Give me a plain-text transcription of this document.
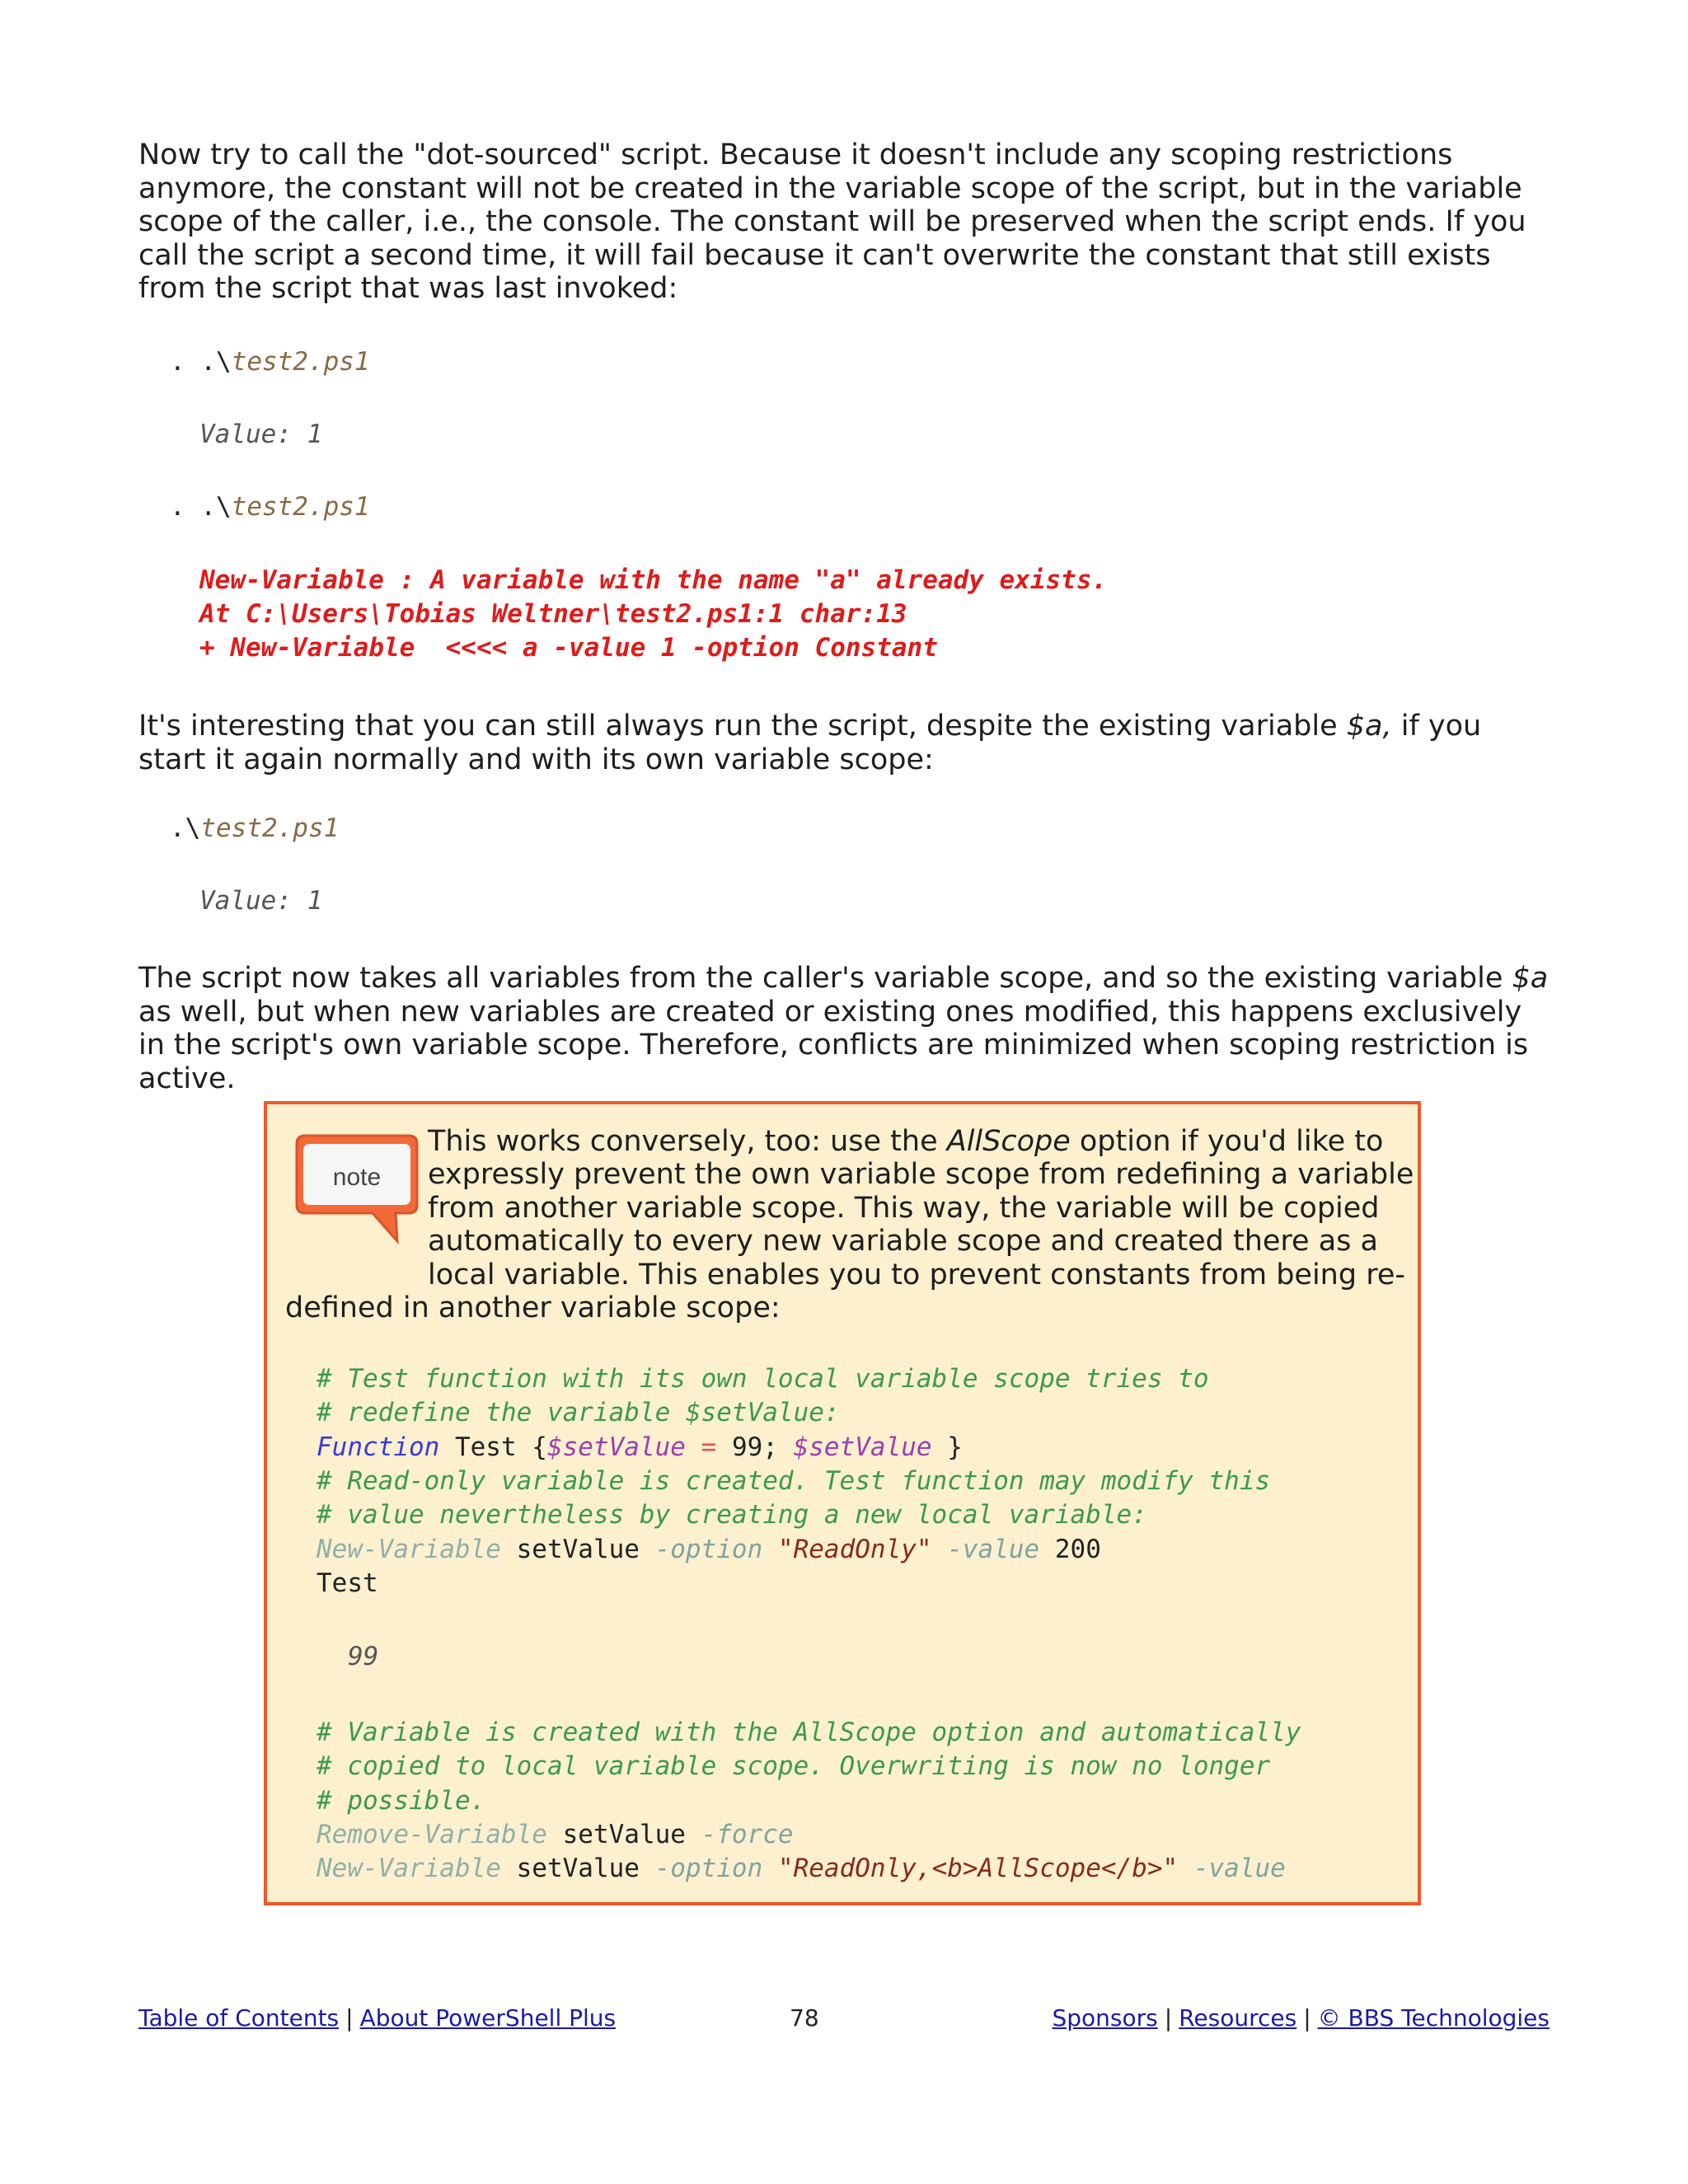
Now try to call the "dot-sourced" script. Because it doesn't include any scoping restrictions anymore, the constant will not be created in the variable scope of the script, but in the variable scope of the caller, i.e., the console. The constant will be preserved when the script ends. If you call the script a second time, it will fail because it can't overwrite the constant that still exists from the script that was last invoked:

. .\test2.ps1
Value: 1
. .\test2.ps1
New-Variable : A variable with the name "a" already exists.
At C:\Users\Tobias Weltner\test2.ps1:1 char:13
+ New-Variable  <<<< a -value 1 -option Constant

It's interesting that you can still always run the script, despite the existing variable $a, if you start it again normally and with its own variable scope:

.\test2.ps1
Value: 1

The script now takes all variables from the caller's variable scope, and so the existing variable $a as well, but when new variables are created or existing ones modified, this happens exclusively in the script's own variable scope. Therefore, conflicts are minimized when scoping restriction is active.

note

This works conversely, too: use the AllScope option if you'd like to

expressly prevent the own variable scope from redefining a variable

from another variable scope. This way, the variable will be copied

automatically to every new variable scope and created there as a

local variable. This enables you to prevent constants from being re-

defined in another variable scope:

# Test function with its own local variable scope tries to
# redefine the variable $setValue:
Function Test {$setValue = 99; $setValue }
# Read-only variable is created. Test function may modify this
# value nevertheless by creating a new local variable:
New-Variable setValue -option "ReadOnly" -value 200
Test
99
# Variable is created with the AllScope option and automatically
# copied to local variable scope. Overwriting is now no longer
# possible.
Remove-Variable setValue -force
New-Variable setValue -option "ReadOnly,<b>AllScope</b>" -value
Table of Contents | About PowerShell Plus	78	Sponsors | Resources | © BBS Technologies
